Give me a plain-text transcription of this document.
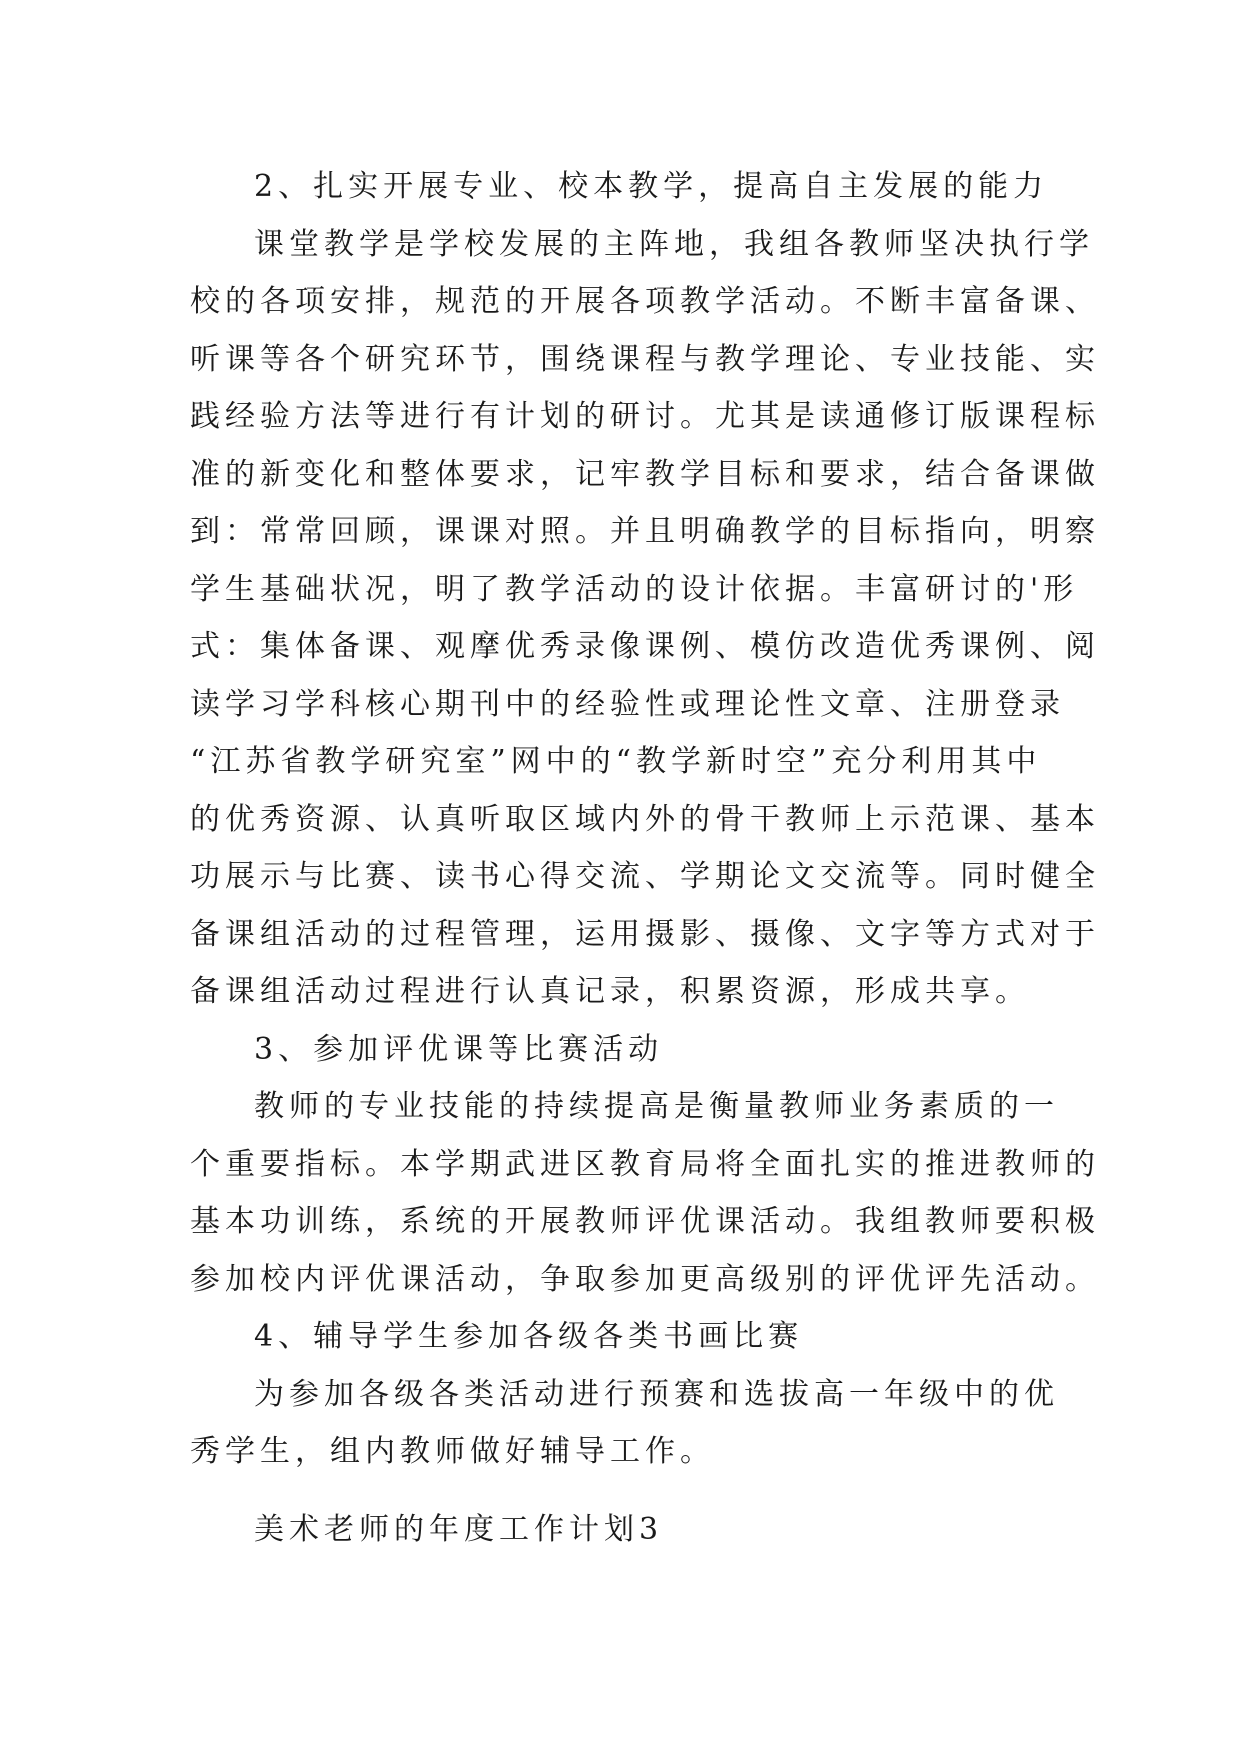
2、扎实开展专业、校本教学，提高自主发展的能力
课堂教学是学校发展的主阵地，我组各教师坚决执行学
校的各项安排，规范的开展各项教学活动。不断丰富备课、
听课等各个研究环节，围绕课程与教学理论、专业技能、实
践经验方法等进行有计划的研讨。尤其是读通修订版课程标
准的新变化和整体要求，记牢教学目标和要求，结合备课做
到：常常回顾，课课对照。并且明确教学的目标指向，明察
学生基础状况，明了教学活动的设计依据。丰富研讨的'形
式：集体备课、观摩优秀录像课例、模仿改造优秀课例、阅
读学习学科核心期刊中的经验性或理论性文章、注册登录
“江苏省教学研究室”网中的“教学新时空”充分利用其中
的优秀资源、认真听取区域内外的骨干教师上示范课、基本
功展示与比赛、读书心得交流、学期论文交流等。同时健全
备课组活动的过程管理，运用摄影、摄像、文字等方式对于
备课组活动过程进行认真记录，积累资源，形成共享。
3、参加评优课等比赛活动
教师的专业技能的持续提高是衡量教师业务素质的一
个重要指标。本学期武进区教育局将全面扎实的推进教师的
基本功训练，系统的开展教师评优课活动。我组教师要积极
参加校内评优课活动，争取参加更高级别的评优评先活动。
4、辅导学生参加各级各类书画比赛
为参加各级各类活动进行预赛和选拔高一年级中的优
秀学生，组内教师做好辅导工作。
美术老师的年度工作计划3
